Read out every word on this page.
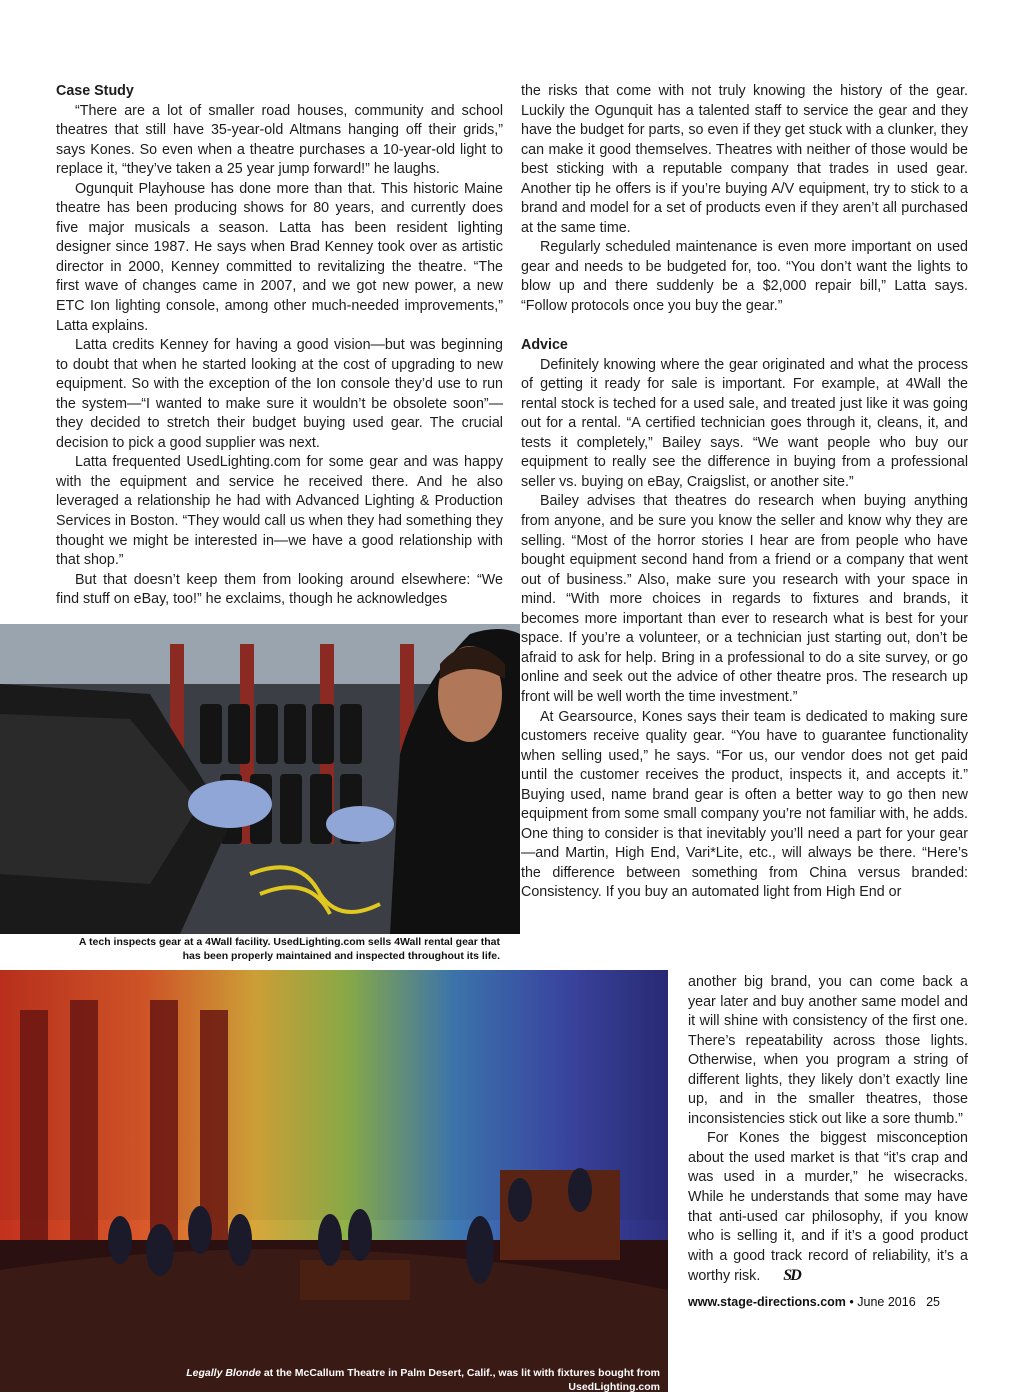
Case Study

“There are a lot of smaller road houses, community and school theatres that still have 35-year-old Altmans hanging off their grids,” says Kones. So even when a theatre purchases a 10-year-old light to replace it, “they’ve taken a 25 year jump forward!” he laughs.

Ogunquit Playhouse has done more than that. This historic Maine theatre has been producing shows for 80 years, and currently does five major musicals a season. Latta has been resident lighting designer since 1987. He says when Brad Kenney took over as artistic director in 2000, Kenney committed to revitalizing the theatre. “The first wave of changes came in 2007, and we got new power, a new ETC Ion lighting console, among other much-needed improvements,” Latta explains.

Latta credits Kenney for having a good vision—but was beginning to doubt that when he started looking at the cost of upgrading to new equipment. So with the exception of the Ion console they’d use to run the system—“I wanted to make sure it wouldn’t be obsolete soon”—they decided to stretch their budget buying used gear. The crucial decision to pick a good supplier was next.

Latta frequented UsedLighting.com for some gear and was happy with the equipment and service he received there. And he also leveraged a relationship he had with Advanced Lighting & Production Services in Boston. “They would call us when they had something they thought we might be interested in—we have a good relationship with that shop.”

But that doesn’t keep them from looking around elsewhere: “We find stuff on eBay, too!” he exclaims, though he acknowledges

the risks that come with not truly knowing the history of the gear. Luckily the Ogunquit has a talented staff to service the gear and they have the budget for parts, so even if they get stuck with a clunker, they can make it good themselves. Theatres with neither of those would be best sticking with a reputable company that trades in used gear. Another tip he offers is if you’re buying A/V equipment, try to stick to a brand and model for a set of products even if they aren’t all purchased at the same time.

Regularly scheduled maintenance is even more important on used gear and needs to be budgeted for, too. “You don’t want the lights to blow up and there suddenly be a $2,000 repair bill,” Latta says. “Follow protocols once you buy the gear.”

Advice

Definitely knowing where the gear originated and what the process of getting it ready for sale is important. For example, at 4Wall the rental stock is teched for a used sale, and treated just like it was going out for a rental. “A certified technician goes through it, cleans, it, and tests it completely,” Bailey says. “We want people who buy our equipment to really see the difference in buying from a professional seller vs. buying on eBay, Craigslist, or another site.”

Bailey advises that theatres do research when buying anything from anyone, and be sure you know the seller and know why they are selling. “Most of the horror stories I hear are from people who have bought equipment second hand from a friend or a company that went out of business.” Also, make sure you research with your space in mind. “With more choices in regards to fixtures and brands, it becomes more important than ever to research what is best for your space. If you’re a volunteer, or a technician just starting out, don’t be afraid to ask for help. Bring in a professional to do a site survey, or go online and seek out the advice of other theatre pros. The research up front will be well worth the time investment.”

At Gearsource, Kones says their team is dedicated to making sure customers receive quality gear. “You have to guarantee functionality when selling used,” he says. “For us, our vendor does not get paid until the customer receives the product, inspects it, and accepts it.” Buying used, name brand gear is often a better way to go then new equipment from some small company you’re not familiar with, he adds. One thing to consider is that inevitably you’ll need a part for your gear—and Martin, High End, Vari*Lite, etc., will always be there. “Here’s the difference between something from China versus branded: Consistency. If you buy an automated light from High End or

another big brand, you can come back a year later and buy another same model and it will shine with consistency of the first one. There’s repeatability across those lights. Otherwise, when you program a string of different lights, they likely don’t exactly line up, and in the smaller theatres, those inconsistencies stick out like a sore thumb.”

For Kones the biggest misconception about the used market is that “it’s crap and was used in a murder,” he wisecracks. While he understands that some may have that anti-used car philosophy, if you know who is selling it, and if it’s a good product with a good track record of reliability, it’s a worthy risk. SD

A tech inspects gear at a 4Wall facility. UsedLighting.com sells 4Wall rental gear that has been properly maintained and inspected throughout its life.
Legally Blonde at the McCallum Theatre in Palm Desert, Calif., was lit with fixtures bought from UsedLighting.com
www.stage-directions.com • June 2016 25
